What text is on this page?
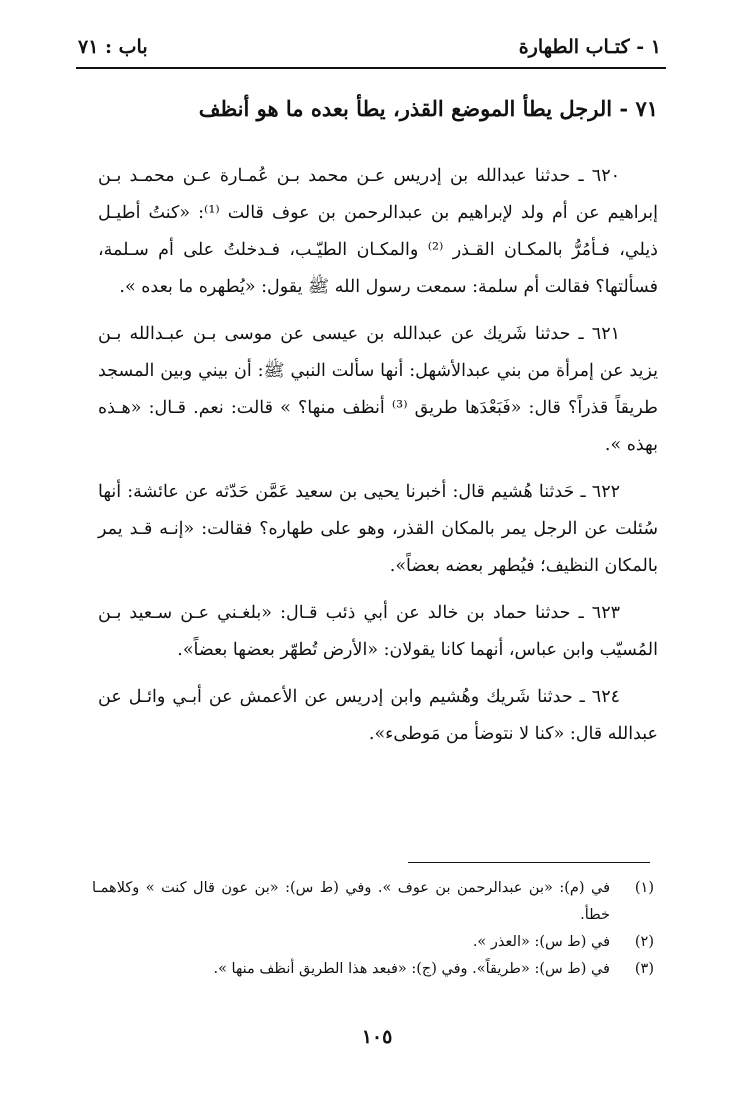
١ - كتـاب الطهارة
باب : ٧١
٧١ - الرجل يطأ الموضع القذر، يطأ بعده ما هو أنظف

٦٢٠ ـ حدثنا عبدالله بن إدريس عـن محمد بـن عُمـارة عـن محمـد بـن إبراهيم عن أم ولد لإبراهيم بن عبدالرحمن بن عوف قالت ⁽¹⁾: «كنتُ أطيـل ذيلي، فـأمُرُّ بالمكـان القـذر ⁽²⁾ والمكـان الطيّـب، فـدخلتُ على أم سـلمة، فسألتها؟ فقالت أم سلمة: سمعت رسول الله ﷺ يقول: «يُطهره ما بعده ».

٦٢١ ـ حدثنا شَريك عن عبدالله بن عيسى عن موسى بـن عبـدالله بـن يزيد عن إمرأة من بني عبدالأشهل: أنها سألت النبي ﷺ: أن بيني وبين المسجد طريقاً قذراً؟ قال: «فَبَعْدَها طريق ⁽³⁾ أنظف منها؟ » قالت: نعم. قـال: «هـذه بهذه ».

٦٢٢ ـ حَدثنا هُشيم قال: أخبرنا يحيى بن سعيد عَمَّن حَدّثه عن عائشة: أنها سُئلت عن الرجل يمر بالمكان القذر، وهو على طهاره؟ فقالت: «إنـه قـد يمر بالمكان النظيف؛ فيُطهر بعضه بعضاً».

٦٢٣ ـ حدثنا حماد بن خالد عن أبي ذئب قـال: «بلغـني عـن سـعيد بـن المُسيّب وابن عباس، أنهما كانا يقولان: «الأرض تُطهّر بعضها بعضاً».

٦٢٤ ـ حدثنا شَريك وهُشيم وابن إدريس عن الأعمش عن أبـي وائـل عن عبدالله قال: «كنا لا نتوضأ من مَوطىء».

(١)
في (م): «بن عبدالرحمن بن عوف ». وفي (ط س): «بن عون قال كنت » وكلاهمـا خطأ.
(٢)
في (ط س): «العذر ».
(٣)
في (ط س): «طريقاً». وفي (ج): «فبعد هذا الطريق أنظف منها ».
١٠٥
